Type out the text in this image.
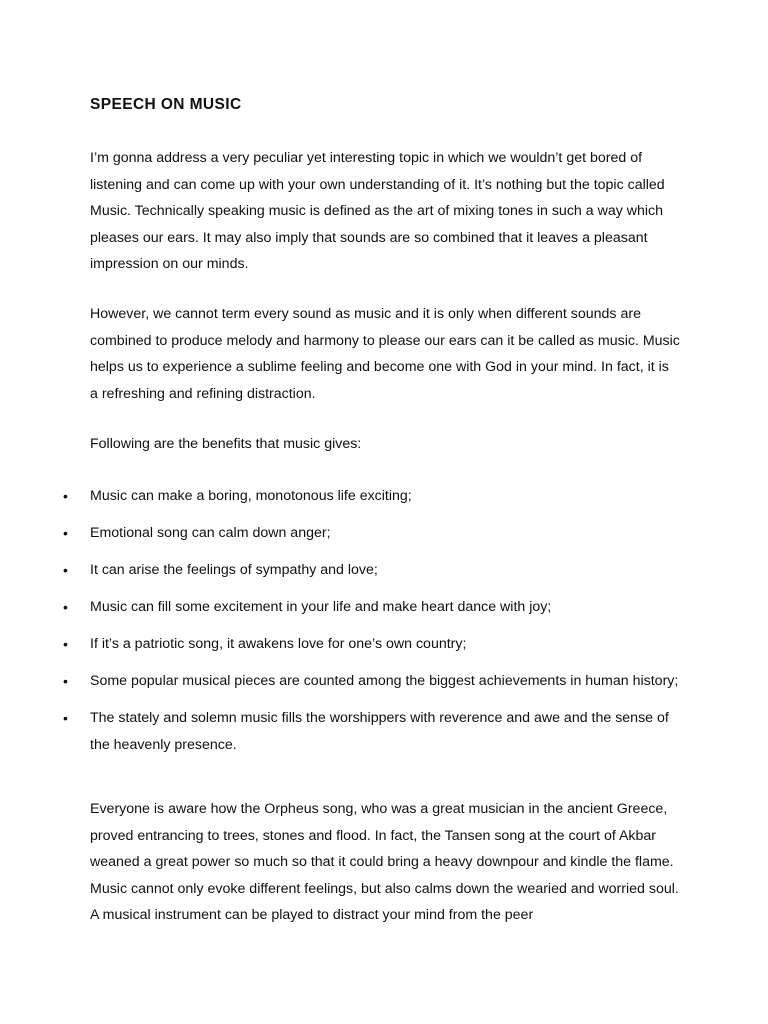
SPEECH ON MUSIC

I’m gonna address a very peculiar yet interesting topic in which we wouldn’t get bored of listening and can come up with your own understanding of it. It’s nothing but the topic called Music. Technically speaking music is defined as the art of mixing tones in such a way which pleases our ears. It may also imply that sounds are so combined that it leaves a pleasant impression on our minds.

However, we cannot term every sound as music and it is only when different sounds are combined to produce melody and harmony to please our ears can it be called as music. Music helps us to experience a sublime feeling and become one with God in your mind. In fact, it is a refreshing and refining distraction.

Following are the benefits that music gives:

• Music can make a boring, monotonous life exciting;
• Emotional song can calm down anger;
• It can arise the feelings of sympathy and love;
• Music can fill some excitement in your life and make heart dance with joy;
• If it’s a patriotic song, it awakens love for one’s own country;
• Some popular musical pieces are counted among the biggest achievements in human history;
• The stately and solemn music fills the worshippers with reverence and awe and the sense of the heavenly presence.

Everyone is aware how the Orpheus song, who was a great musician in the ancient Greece, proved entrancing to trees, stones and flood. In fact, the Tansen song at the court of Akbar weaned a great power so much so that it could bring a heavy downpour and kindle the flame. Music cannot only evoke different feelings, but also calms down the wearied and worried soul. A musical instrument can be played to distract your mind from the peer
